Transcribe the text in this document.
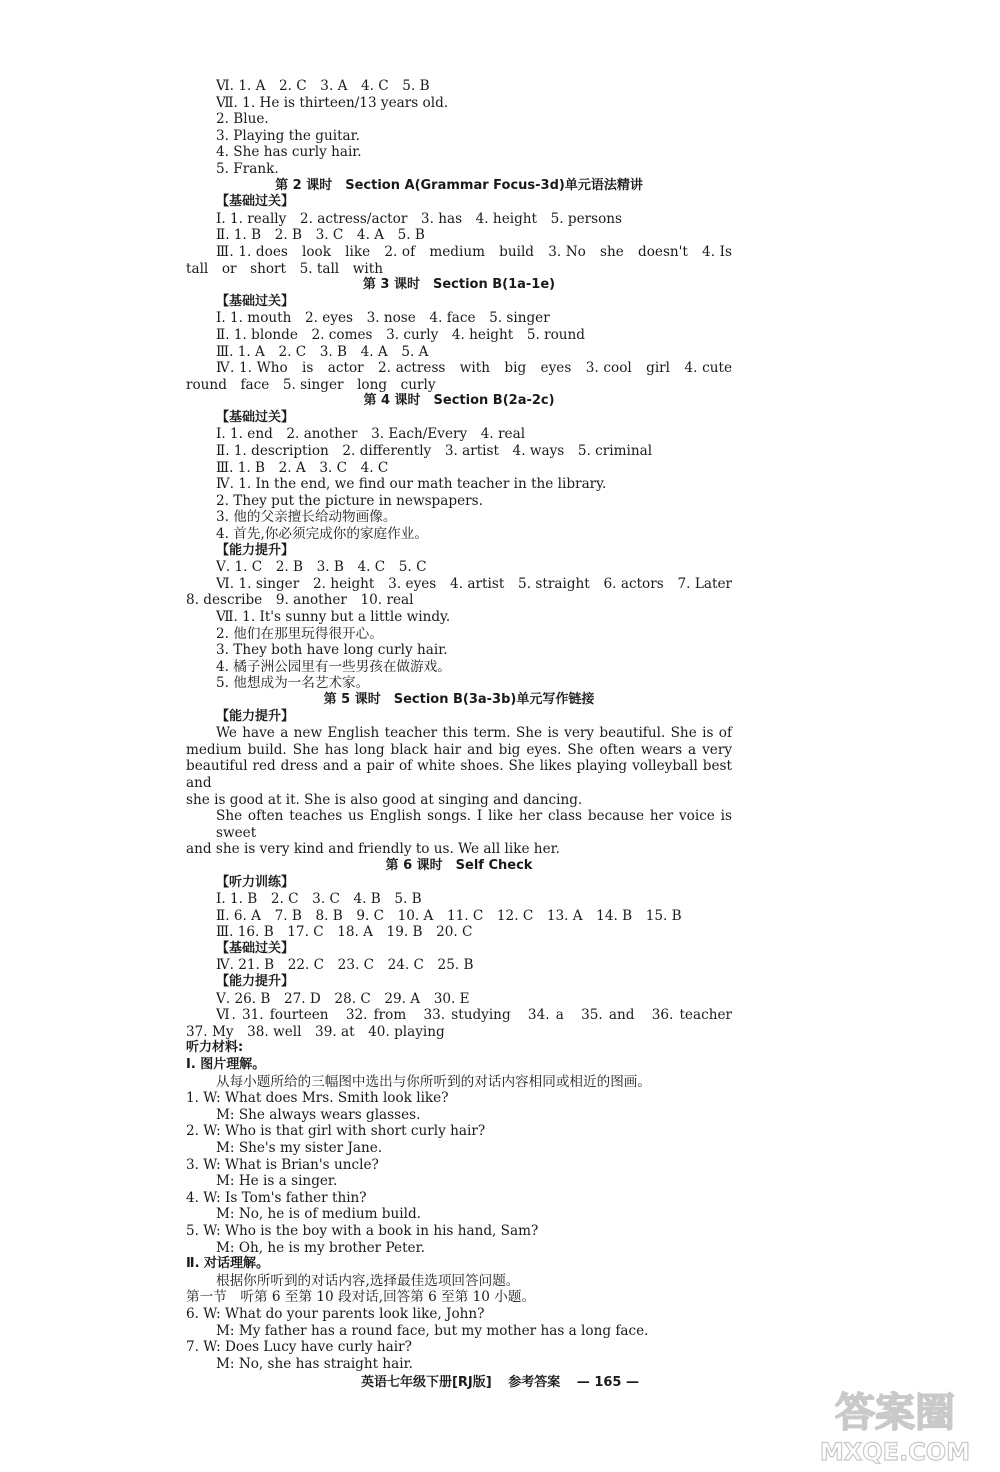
Ⅵ. 1. A　2. C　3. A　4. C　5. B
Ⅶ. 1. He is thirteen/13 years old.
2. Blue.
3. Playing the guitar.
4. She has curly hair.
5. Frank.
第 2 课时　Section A(Grammar Focus-3d)单元语法精讲
【基础过关】
Ⅰ. 1. really　2. actress/actor　3. has　4. height　5. persons
Ⅱ. 1. B　2. B　3. C　4. A　5. B
Ⅲ. 1. does　look　like　2. of　medium　build　3. No　she　doesn't　4. Is
tall　or　short　5. tall　with
第 3 课时　Section B(1a-1e)
【基础过关】
Ⅰ. 1. mouth　2. eyes　3. nose　4. face　5. singer
Ⅱ. 1. blonde　2. comes　3. curly　4. height　5. round
Ⅲ. 1. A　2. C　3. B　4. A　5. A
Ⅳ. 1. Who　is　actor　2. actress　with　big　eyes　3. cool　girl　4. cute
round　face　5. singer　long　curly
第 4 课时　Section B(2a-2c)
【基础过关】
Ⅰ. 1. end　2. another　3. Each/Every　4. real
Ⅱ. 1. description　2. differently　3. artist　4. ways　5. criminal
Ⅲ. 1. B　2. A　3. C　4. C
Ⅳ. 1. In the end, we find our math teacher in the library.
2. They put the picture in newspapers.
3. 他的父亲擅长给动物画像。
4. 首先,你必须完成你的家庭作业。
【能力提升】
Ⅴ. 1. C　2. B　3. B　4. C　5. C
Ⅵ. 1. singer　2. height　3. eyes　4. artist　5. straight　6. actors　7. Later
8. describe　9. another　10. real
Ⅶ. 1. It's sunny but a little windy.
2. 他们在那里玩得很开心。
3. They both have long curly hair.
4. 橘子洲公园里有一些男孩在做游戏。
5. 他想成为一名艺术家。
第 5 课时　Section B(3a-3b)单元写作链接
【能力提升】
We have a new English teacher this term. She is very beautiful. She is of
medium build. She has long black hair and big eyes. She often wears a very
beautiful red dress and a pair of white shoes. She likes playing volleyball best and
she is good at it. She is also good at singing and dancing.
She often teaches us English songs. I like her class because her voice is sweet
and she is very kind and friendly to us. We all like her.
第 6 课时　Self Check
【听力训练】
Ⅰ. 1. B　2. C　3. C　4. B　5. B
Ⅱ. 6. A　7. B　8. B　9. C　10. A　11. C　12. C　13. A　14. B　15. B
Ⅲ. 16. B　17. C　18. A　19. B　20. C
【基础过关】
Ⅳ. 21. B　22. C　23. C　24. C　25. B
【能力提升】
Ⅴ. 26. B　27. D　28. C　29. A　30. E
Ⅵ. 31. fourteen　32. from　33. studying　34. a　35. and　36. teacher
37. My　38. well　39. at　40. playing
听力材料:
Ⅰ. 图片理解。
从每小题所给的三幅图中选出与你所听到的对话内容相同或相近的图画。
1. W: What does Mrs. Smith look like?
M: She always wears glasses.
2. W: Who is that girl with short curly hair?
M: She's my sister Jane.
3. W: What is Brian's uncle?
M: He is a singer.
4. W: Is Tom's father thin?
M: No, he is of medium build.
5. W: Who is the boy with a book in his hand, Sam?
M: Oh, he is my brother Peter.
Ⅱ. 对话理解。
根据你所听到的对话内容,选择最佳选项回答问题。
第一节　听第 6 至第 10 段对话,回答第 6 至第 10 小题。
6. W: What do your parents look like, John?
M: My father has a round face, but my mother has a long face.
7. W: Does Lucy have curly hair?
M: No, she has straight hair.
英语七年级下册[RJ版] 参考答案 — 165 —
答案圈
MXQE.COM
